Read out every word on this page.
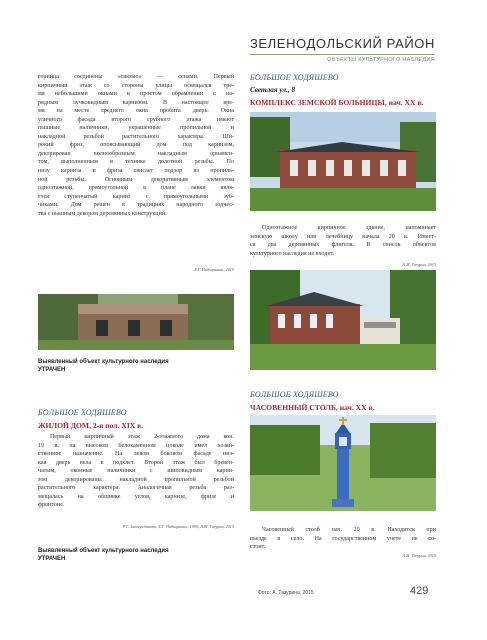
ЗЕЛЕНОДОЛЬСКИЙ РАЙОН
ОБЪЕКТЫ КУЛЬТУРНОГО НАСЛЕДИЯ

горница соединены «связью» — сенями. Первый
кирпичный этаж со стороны улицы освещался тре-
мя небольшими окнами в простом обрамлении с на-
рядным лучковидным карнизом. В настоящее вре-
мя на месте среднего окна пробита дверь. Окна
уличного фасада второго срубного этажа имеют
пышные наличники, украшенные пропильной и
накладной резьбой растительного характера. Ши-
рокий фриз, опоясывающий дом под карнизом,
декорирован волнообразным накладным орнамен-
том, выполненным в технике долотной резьбы. По
низу карниза и фриза свисает подзор из пропиль-
ной резьбы. Основным декоративным элементом
одноэтажной, прямоугольной в плане лавки явля-
ется ступенчатый карниз с прямоугольными зуб-
чиками. Дом решен в традициях народного зодчес-
тва с пышным декором деревянных конструкций.

Х.Г. Надыршина, 2019
Выявленный объект культурного наследия
УТРАЧЕН
БОЛЬШОЕ ХОДЯШЕВО
ЖИЛОЙ ДОМ, 2-я пол. XIX в.

Первый кирпичный этаж 2-этажного дома кон.
19 в. на высоком белокаменном цоколе имел хозяй-
ственное назначение. На левом боковом фасаде низ-
кая дверь вела в подклет. Второй этаж был бревен-
чатым, оконные наличники с шиповидным карни-
зом декорированы накладной пропильной резьбой
растительного характера. Аналогичная резьба раз-
мещалась на обшивке углов, карнизе, фризе и
фронтоне.

Р.Г. Зайгерединова, Х.Г. Надыршина, 1999; А.М. Тазурин, 2015
Выявленный объект культурного наследия
УТРАЧЕН
БОЛЬШОЕ ХОДЯШЕВО
Светлая ул., 8
КОМПЛЕКС ЗЕМСКОЙ БОЛЬНИЦЫ, нач. XX в.

Одноэтажное кирпичное здание, напоминает
земскую школу или лечебницу начала 20 в. Имеет-
ся два деревянных флигеля. В список объектов
культурного наследия не входит.

А.М. Тазурин, 2015
БОЛЬШОЕ ХОДЯШЕВО
ЧАСОВЕННЫЙ СТОЛБ, нач. XX в.

Часовенный столб нач. 20 в. Находится при
въезде в село. На государственном учете не со-
стоит.

А.М. Тазурин, 2015
Фото: А. Тазурина, 2015	429
